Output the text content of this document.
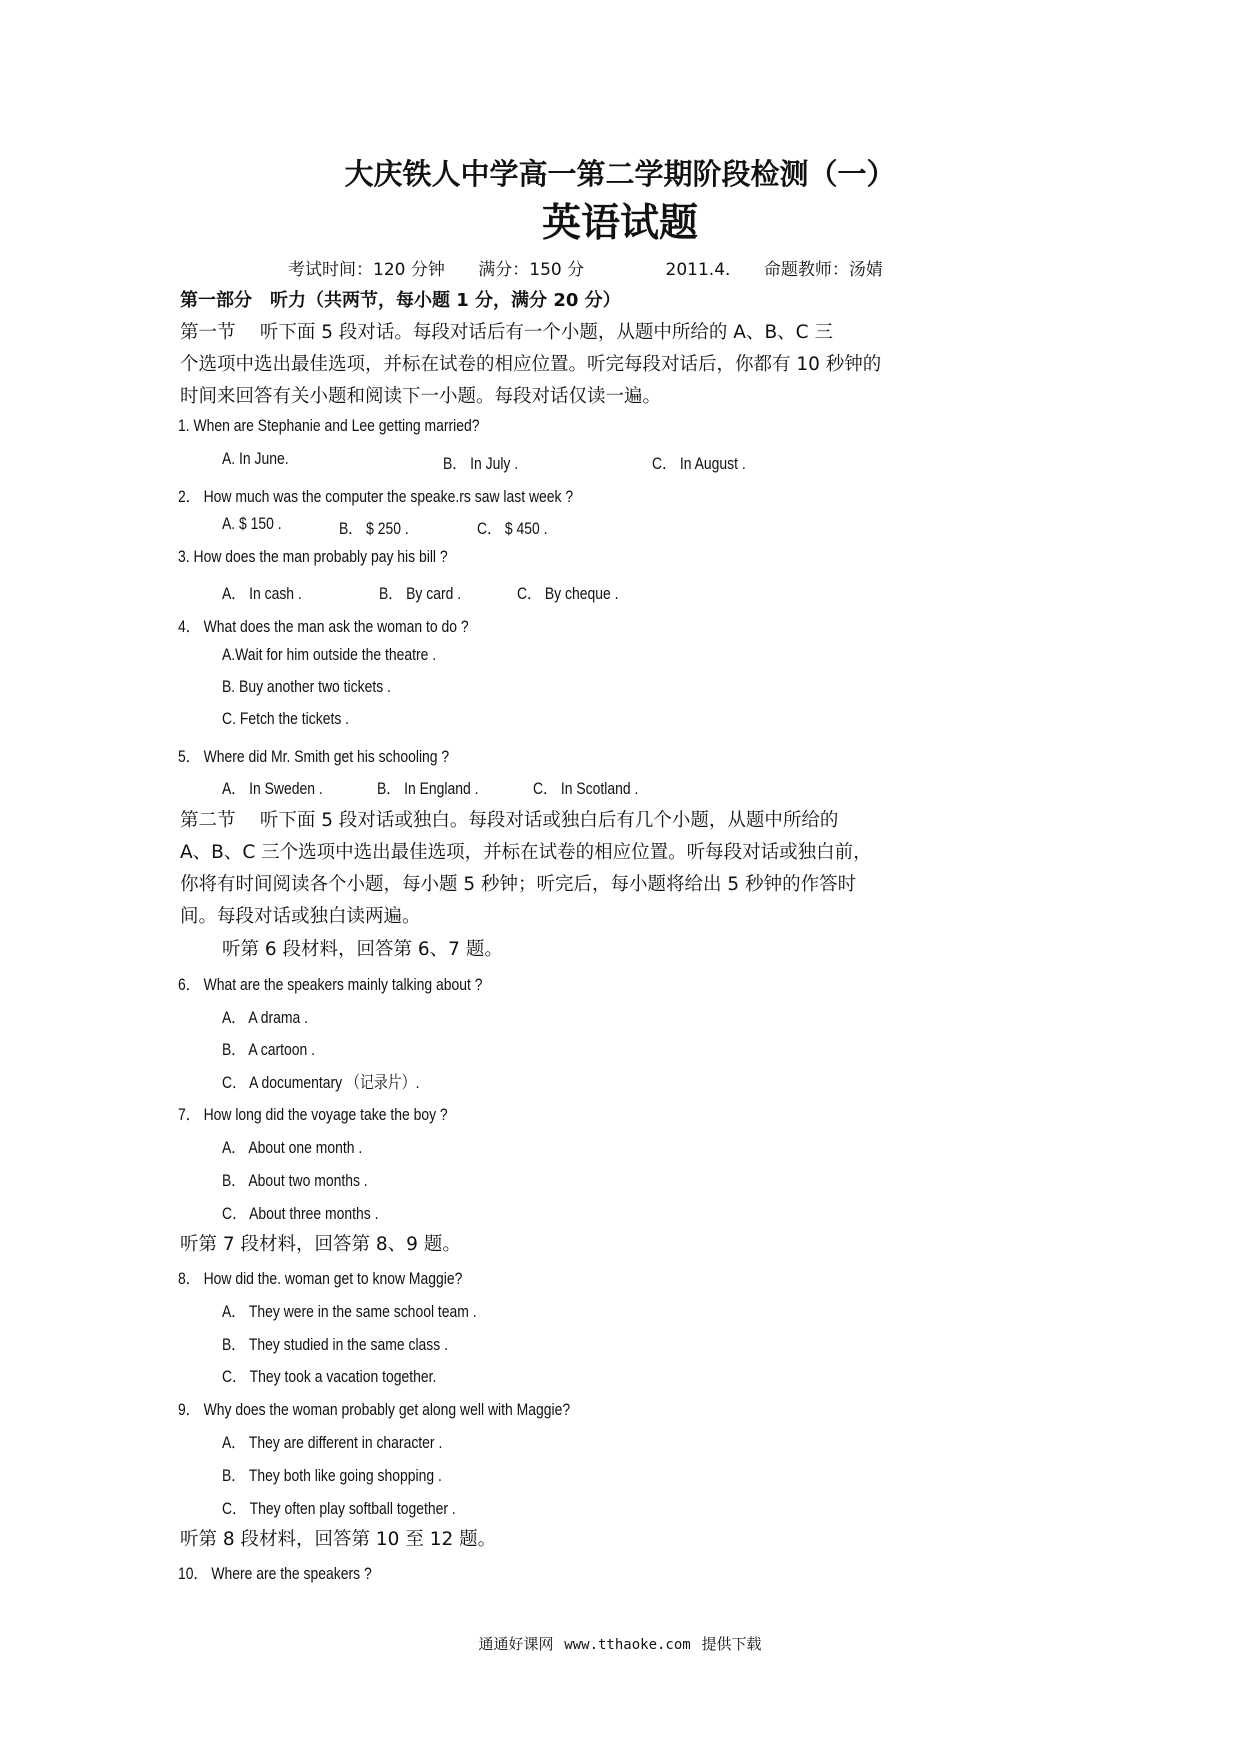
大庆铁人中学高一第二学期阶段检测（一）
英语试题
考试时间：120 分钟 满分：150 分	2011.4. 命题教师：汤婧
第一部分　听力（共两节，每小题 1 分，满分 20 分）
第一节　 听下面 5 段对话。每段对话后有一个小题，从题中所给的 A、B、C 三
个选项中选出最佳选项，并标在试卷的相应位置。听完每段对话后，你都有 10 秒钟的
时间来回答有关小题和阅读下一小题。每段对话仅读一遍。
1. When are Stephanie and Lee getting married?
A. In June.	B． In July .	C． In August .
2． How much was the computer the speake.rs saw last week ?
A. $ 150 .	B． $ 250 .	C． $ 450 .
3. How does the man probably pay his bill ?
A． In cash .	B． By card .	C． By cheque .
4． What does the man ask the woman to do ?
A.Wait for him outside the theatre .
B. Buy another two tickets .
C. Fetch the tickets .
5． Where did Mr. Smith get his schooling ?
A． In Sweden .	B． In England .	C． In Scotland .
第二节　 听下面 5 段对话或独白。每段对话或独白后有几个小题，从题中所给的
A、B、C 三个选项中选出最佳选项，并标在试卷的相应位置。听每段对话或独白前，
你将有时间阅读各个小题，每小题 5 秒钟；听完后，每小题将给出 5 秒钟的作答时
间。每段对话或独白读两遍。
听第 6 段材料，回答第 6、7 题。
6． What are the speakers mainly talking about ?
A． A drama .
B． A cartoon .
C． A documentary （记录片）.
7． How long did the voyage take the boy ?
A． About one month .
B． About two months .
C． About three months .
听第 7 段材料，回答第 8、9 题。
8． How did the. woman get to know Maggie?
A． They were in the same school team .
B． They studied in the same class .
C． They took a vacation together.
9． Why does the woman probably get along well with Maggie?
A． They are different in character .
B． They both like going shopping .
C． They often play softball together .
听第 8 段材料，回答第 10 至 12 题。
10． Where are the speakers ?
通通好课网 www.tthaoke.com 提供下载
